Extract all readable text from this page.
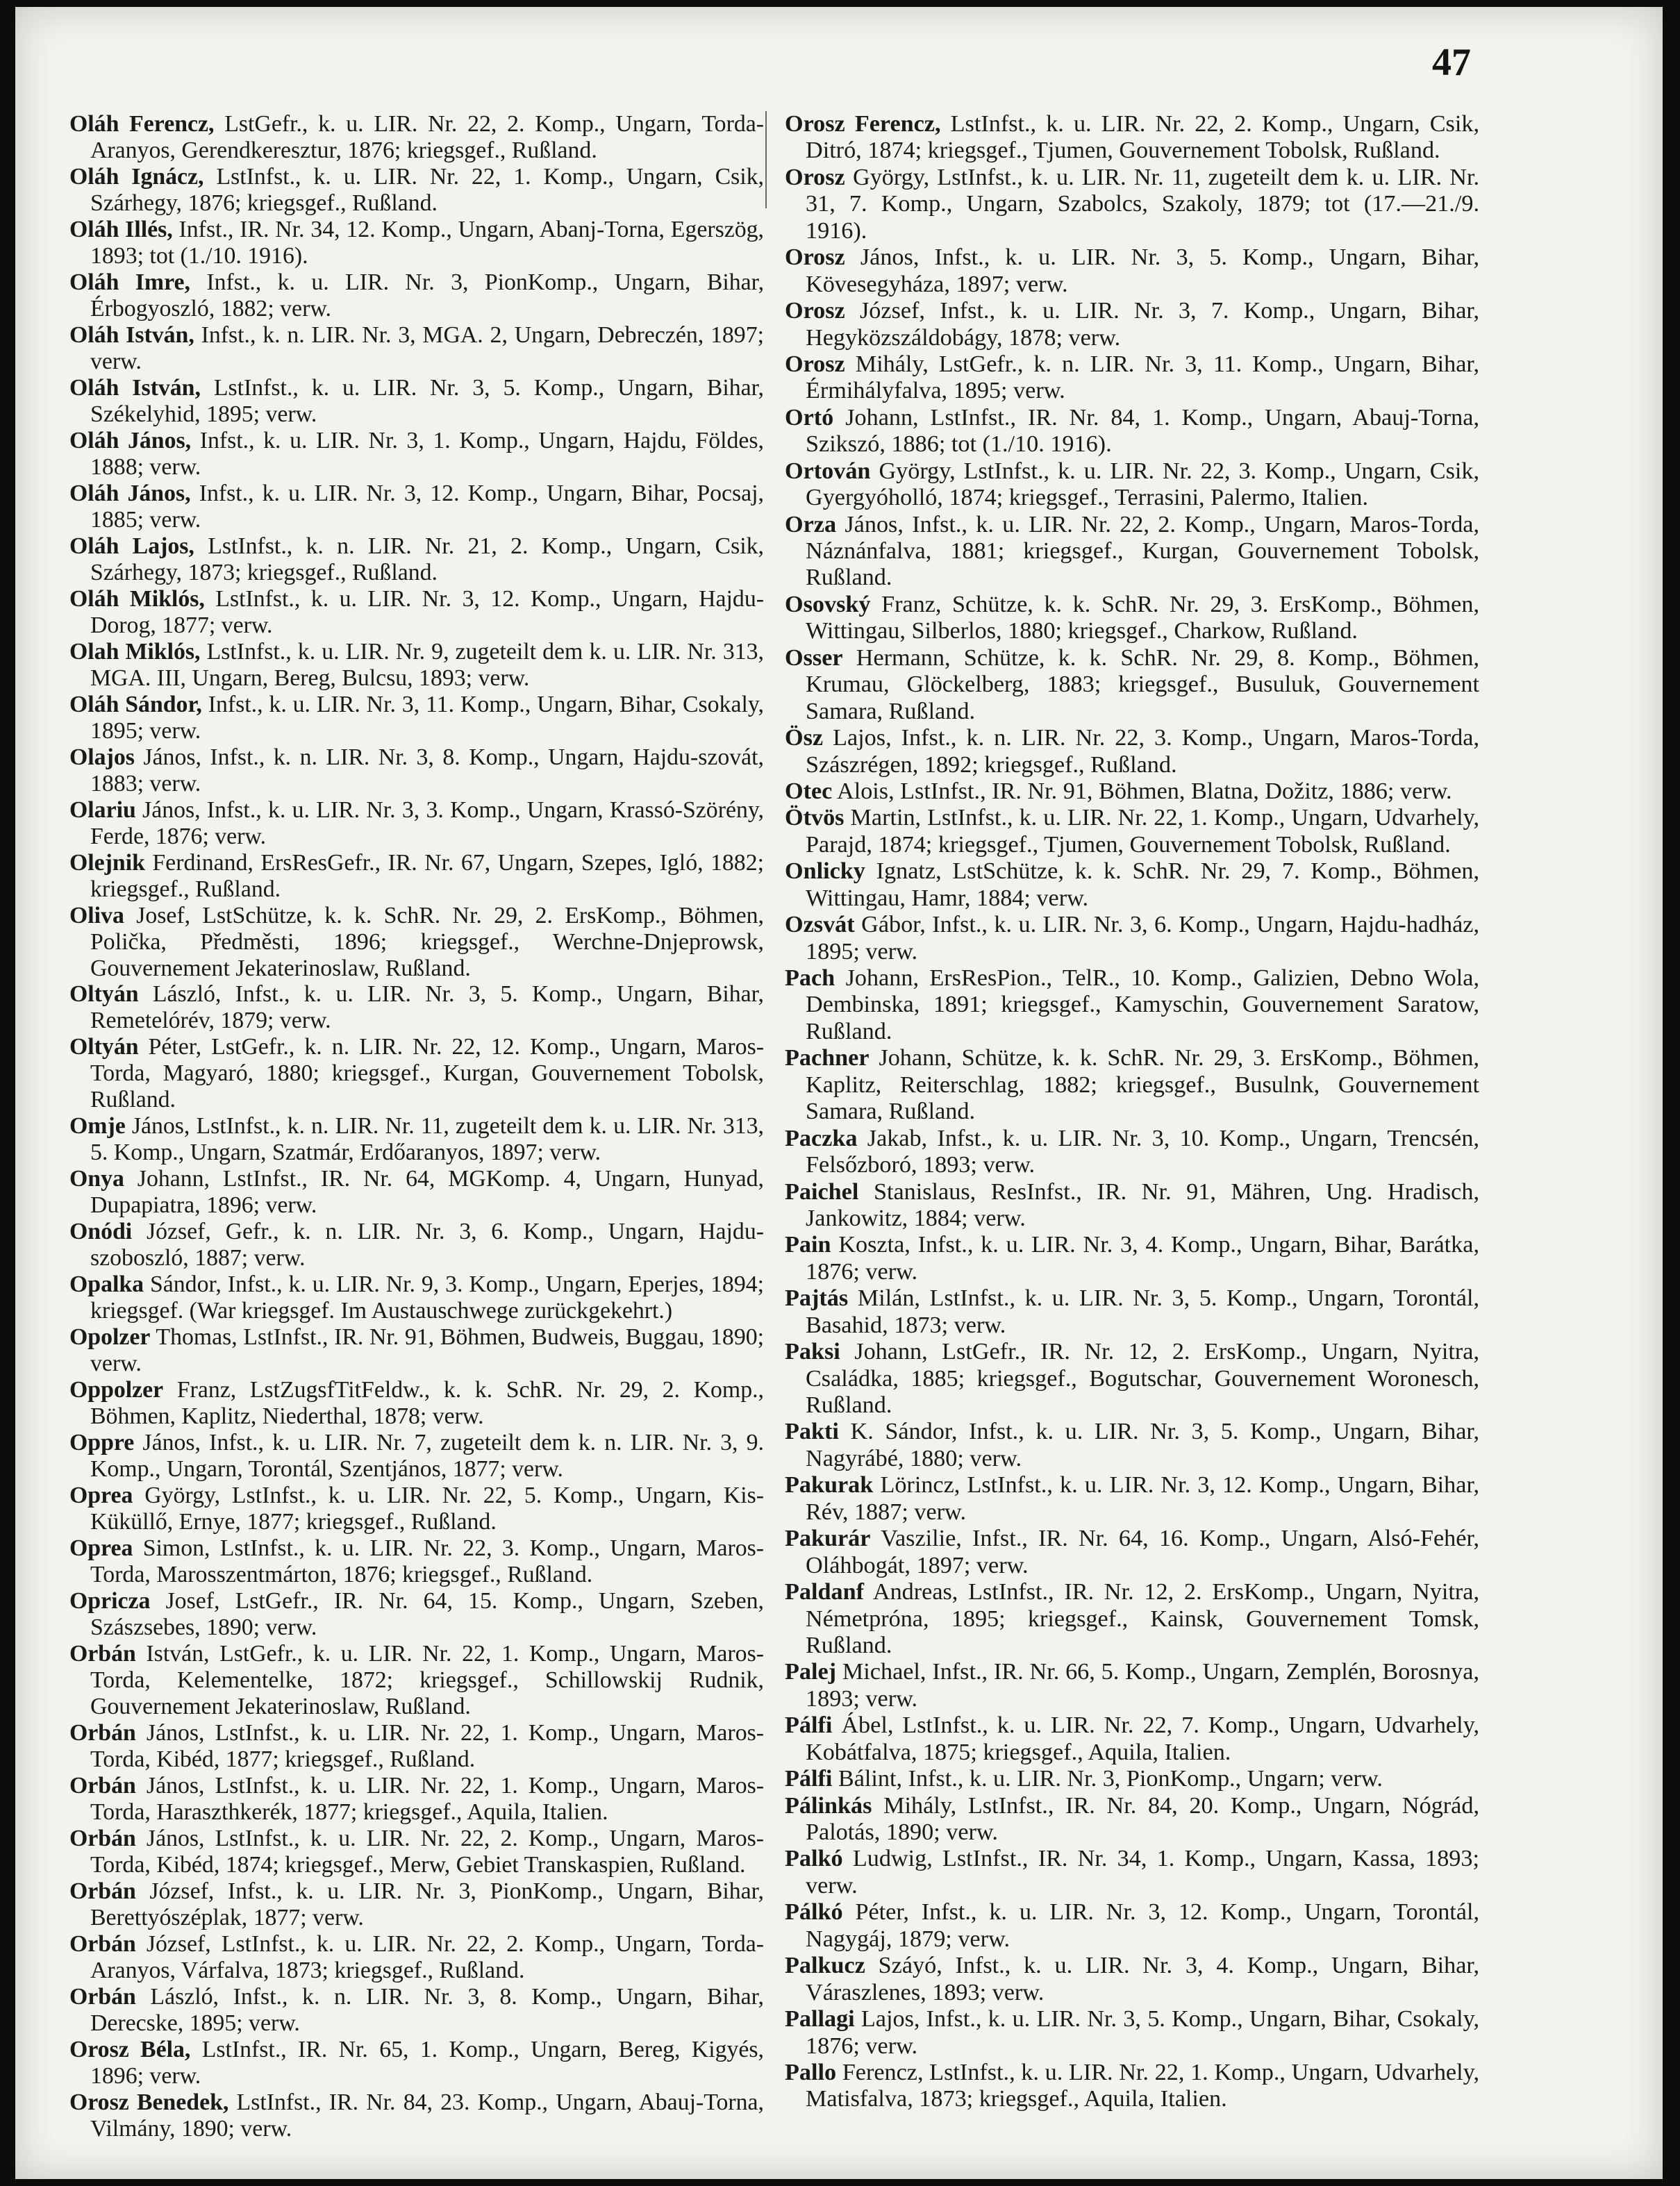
47

Oláh Ferencz, LstGefr., k. u. LIR. Nr. 22, 2. Komp., Ungarn, Torda-Aranyos, Gerendkeresztur, 1876; kriegsgef., Rußland.

Oláh Ignácz, LstInfst., k. u. LIR. Nr. 22, 1. Komp., Ungarn, Csik, Szárhegy, 1876; kriegsgef., Rußland.

Oláh Illés, Infst., IR. Nr. 34, 12. Komp., Ungarn, Abanj-Torna, Egerszög, 1893; tot (1./10. 1916).

Oláh Imre, Infst., k. u. LIR. Nr. 3, PionKomp., Ungarn, Bihar, Érbogyoszló, 1882; verw.

Oláh István, Infst., k. n. LIR. Nr. 3, MGA. 2, Ungarn, Debreczén, 1897; verw.

Oláh István, LstInfst., k. u. LIR. Nr. 3, 5. Komp., Ungarn, Bihar, Székelyhid, 1895; verw.

Oláh János, Infst., k. u. LIR. Nr. 3, 1. Komp., Ungarn, Hajdu, Földes, 1888; verw.

Oláh János, Infst., k. u. LIR. Nr. 3, 12. Komp., Ungarn, Bihar, Pocsaj, 1885; verw.

Oláh Lajos, LstInfst., k. n. LIR. Nr. 21, 2. Komp., Ungarn, Csik, Szárhegy, 1873; kriegsgef., Rußland.

Oláh Miklós, LstInfst., k. u. LIR. Nr. 3, 12. Komp., Ungarn, Hajdu-Dorog, 1877; verw.

Olah Miklós, LstInfst., k. u. LIR. Nr. 9, zugeteilt dem k. u. LIR. Nr. 313, MGA. III, Ungarn, Bereg, Bulcsu, 1893; verw.

Oláh Sándor, Infst., k. u. LIR. Nr. 3, 11. Komp., Ungarn, Bihar, Csokaly, 1895; verw.

Olajos János, Infst., k. n. LIR. Nr. 3, 8. Komp., Ungarn, Hajdu-szovát, 1883; verw.

Olariu János, Infst., k. u. LIR. Nr. 3, 3. Komp., Ungarn, Krassó-Szörény, Ferde, 1876; verw.

Olejnik Ferdinand, ErsResGefr., IR. Nr. 67, Ungarn, Szepes, Igló, 1882; kriegsgef., Rußland.

Oliva Josef, LstSchütze, k. k. SchR. Nr. 29, 2. ErsKomp., Böhmen, Polička, Předměsti, 1896; kriegsgef., Werchne-Dnjeprowsk, Gouvernement Jekaterinoslaw, Rußland.

Oltyán László, Infst., k. u. LIR. Nr. 3, 5. Komp., Ungarn, Bihar, Remetelórév, 1879; verw.

Oltyán Péter, LstGefr., k. n. LIR. Nr. 22, 12. Komp., Ungarn, Maros-Torda, Magyaró, 1880; kriegsgef., Kurgan, Gouvernement Tobolsk, Rußland.

Omje János, LstInfst., k. n. LIR. Nr. 11, zugeteilt dem k. u. LIR. Nr. 313, 5. Komp., Ungarn, Szatmár, Erdőaranyos, 1897; verw.

Onya Johann, LstInfst., IR. Nr. 64, MGKomp. 4, Ungarn, Hunyad, Dupapiatra, 1896; verw.

Onódi József, Gefr., k. n. LIR. Nr. 3, 6. Komp., Ungarn, Hajdu-szoboszló, 1887; verw.

Opalka Sándor, Infst., k. u. LIR. Nr. 9, 3. Komp., Ungarn, Eperjes, 1894; kriegsgef. (War kriegsgef. Im Austauschwege zurückgekehrt.)

Opolzer Thomas, LstInfst., IR. Nr. 91, Böhmen, Budweis, Buggau, 1890; verw.

Oppolzer Franz, LstZugsfTitFeldw., k. k. SchR. Nr. 29, 2. Komp., Böhmen, Kaplitz, Niederthal, 1878; verw.

Oppre János, Infst., k. u. LIR. Nr. 7, zugeteilt dem k. n. LIR. Nr. 3, 9. Komp., Ungarn, Torontál, Szentjános, 1877; verw.

Oprea György, LstInfst., k. u. LIR. Nr. 22, 5. Komp., Ungarn, Kis-Küküllő, Ernye, 1877; kriegsgef., Rußland.

Oprea Simon, LstInfst., k. u. LIR. Nr. 22, 3. Komp., Ungarn, Maros-Torda, Marosszentmárton, 1876; kriegsgef., Rußland.

Opricza Josef, LstGefr., IR. Nr. 64, 15. Komp., Ungarn, Szeben, Szászsebes, 1890; verw.

Orbán István, LstGefr., k. u. LIR. Nr. 22, 1. Komp., Ungarn, Maros-Torda, Kelementelke, 1872; kriegsgef., Schillowskij Rudnik, Gouvernement Jekaterinoslaw, Rußland.

Orbán János, LstInfst., k. u. LIR. Nr. 22, 1. Komp., Ungarn, Maros-Torda, Kibéd, 1877; kriegsgef., Rußland.

Orbán János, LstInfst., k. u. LIR. Nr. 22, 1. Komp., Ungarn, Maros-Torda, Haraszthkerék, 1877; kriegsgef., Aquila, Italien.

Orbán János, LstInfst., k. u. LIR. Nr. 22, 2. Komp., Ungarn, Maros-Torda, Kibéd, 1874; kriegsgef., Merw, Gebiet Transkaspien, Rußland.

Orbán József, Infst., k. u. LIR. Nr. 3, PionKomp., Ungarn, Bihar, Berettyószéplak, 1877; verw.

Orbán József, LstInfst., k. u. LIR. Nr. 22, 2. Komp., Ungarn, Torda-Aranyos, Várfalva, 1873; kriegsgef., Rußland.

Orbán László, Infst., k. n. LIR. Nr. 3, 8. Komp., Ungarn, Bihar, Derecske, 1895; verw.

Orosz Béla, LstInfst., IR. Nr. 65, 1. Komp., Ungarn, Bereg, Kigyés, 1896; verw.

Orosz Benedek, LstInfst., IR. Nr. 84, 23. Komp., Ungarn, Abauj-Torna, Vilmány, 1890; verw.

Orosz Ferencz, LstInfst., k. u. LIR. Nr. 22, 2. Komp., Ungarn, Csik, Ditró, 1874; kriegsgef., Tjumen, Gouvernement Tobolsk, Rußland.

Orosz György, LstInfst., k. u. LIR. Nr. 11, zugeteilt dem k. u. LIR. Nr. 31, 7. Komp., Ungarn, Szabolcs, Szakoly, 1879; tot (17.—21./9. 1916).

Orosz János, Infst., k. u. LIR. Nr. 3, 5. Komp., Ungarn, Bihar, Kövesegyháza, 1897; verw.

Orosz József, Infst., k. u. LIR. Nr. 3, 7. Komp., Ungarn, Bihar, Hegyközszáldobágy, 1878; verw.

Orosz Mihály, LstGefr., k. n. LIR. Nr. 3, 11. Komp., Ungarn, Bihar, Érmihályfalva, 1895; verw.

Ortó Johann, LstInfst., IR. Nr. 84, 1. Komp., Ungarn, Abauj-Torna, Szikszó, 1886; tot (1./10. 1916).

Ortován György, LstInfst., k. u. LIR. Nr. 22, 3. Komp., Ungarn, Csik, Gyergyóholló, 1874; kriegsgef., Terrasini, Palermo, Italien.

Orza János, Infst., k. u. LIR. Nr. 22, 2. Komp., Ungarn, Maros-Torda, Náznánfalva, 1881; kriegsgef., Kurgan, Gouvernement Tobolsk, Rußland.

Osovský Franz, Schütze, k. k. SchR. Nr. 29, 3. ErsKomp., Böhmen, Wittingau, Silberlos, 1880; kriegsgef., Charkow, Rußland.

Osser Hermann, Schütze, k. k. SchR. Nr. 29, 8. Komp., Böhmen, Krumau, Glöckelberg, 1883; kriegsgef., Busuluk, Gouvernement Samara, Rußland.

Ösz Lajos, Infst., k. n. LIR. Nr. 22, 3. Komp., Ungarn, Maros-Torda, Szászrégen, 1892; kriegsgef., Rußland.

Otec Alois, LstInfst., IR. Nr. 91, Böhmen, Blatna, Dožitz, 1886; verw.

Ötvös Martin, LstInfst., k. u. LIR. Nr. 22, 1. Komp., Ungarn, Udvarhely, Parajd, 1874; kriegsgef., Tjumen, Gouvernement Tobolsk, Rußland.

Onlicky Ignatz, LstSchütze, k. k. SchR. Nr. 29, 7. Komp., Böhmen, Wittingau, Hamr, 1884; verw.

Ozsvát Gábor, Infst., k. u. LIR. Nr. 3, 6. Komp., Ungarn, Hajdu-hadház, 1895; verw.

Pach Johann, ErsResPion., TelR., 10. Komp., Galizien, Debno Wola, Dembinska, 1891; kriegsgef., Kamyschin, Gouvernement Saratow, Rußland.

Pachner Johann, Schütze, k. k. SchR. Nr. 29, 3. ErsKomp., Böhmen, Kaplitz, Reiterschlag, 1882; kriegsgef., Busulnk, Gouvernement Samara, Rußland.

Paczka Jakab, Infst., k. u. LIR. Nr. 3, 10. Komp., Ungarn, Trencsén, Felsőzboró, 1893; verw.

Paichel Stanislaus, ResInfst., IR. Nr. 91, Mähren, Ung. Hradisch, Jankowitz, 1884; verw.

Pain Koszta, Infst., k. u. LIR. Nr. 3, 4. Komp., Ungarn, Bihar, Barátka, 1876; verw.

Pajtás Milán, LstInfst., k. u. LIR. Nr. 3, 5. Komp., Ungarn, Torontál, Basahid, 1873; verw.

Paksi Johann, LstGefr., IR. Nr. 12, 2. ErsKomp., Ungarn, Nyitra, Családka, 1885; kriegsgef., Bogutschar, Gouvernement Woronesch, Rußland.

Pakti K. Sándor, Infst., k. u. LIR. Nr. 3, 5. Komp., Ungarn, Bihar, Nagyrábé, 1880; verw.

Pakurak Lörincz, LstInfst., k. u. LIR. Nr. 3, 12. Komp., Ungarn, Bihar, Rév, 1887; verw.

Pakurár Vaszilie, Infst., IR. Nr. 64, 16. Komp., Ungarn, Alsó-Fehér, Oláhbogát, 1897; verw.

Paldanf Andreas, LstInfst., IR. Nr. 12, 2. ErsKomp., Ungarn, Nyitra, Németpróna, 1895; kriegsgef., Kainsk, Gouvernement Tomsk, Rußland.

Palej Michael, Infst., IR. Nr. 66, 5. Komp., Ungarn, Zemplén, Borosnya, 1893; verw.

Pálfi Ábel, LstInfst., k. u. LIR. Nr. 22, 7. Komp., Ungarn, Udvarhely, Kobátfalva, 1875; kriegsgef., Aquila, Italien.

Pálfi Bálint, Infst., k. u. LIR. Nr. 3, PionKomp., Ungarn; verw.

Pálinkás Mihály, LstInfst., IR. Nr. 84, 20. Komp., Ungarn, Nógrád, Palotás, 1890; verw.

Palkó Ludwig, LstInfst., IR. Nr. 34, 1. Komp., Ungarn, Kassa, 1893; verw.

Pálkó Péter, Infst., k. u. LIR. Nr. 3, 12. Komp., Ungarn, Torontál, Nagygáj, 1879; verw.

Palkucz Száyó, Infst., k. u. LIR. Nr. 3, 4. Komp., Ungarn, Bihar, Váraszlenes, 1893; verw.

Pallagi Lajos, Infst., k. u. LIR. Nr. 3, 5. Komp., Ungarn, Bihar, Csokaly, 1876; verw.

Pallo Ferencz, LstInfst., k. u. LIR. Nr. 22, 1. Komp., Ungarn, Udvarhely, Matisfalva, 1873; kriegsgef., Aquila, Italien.
